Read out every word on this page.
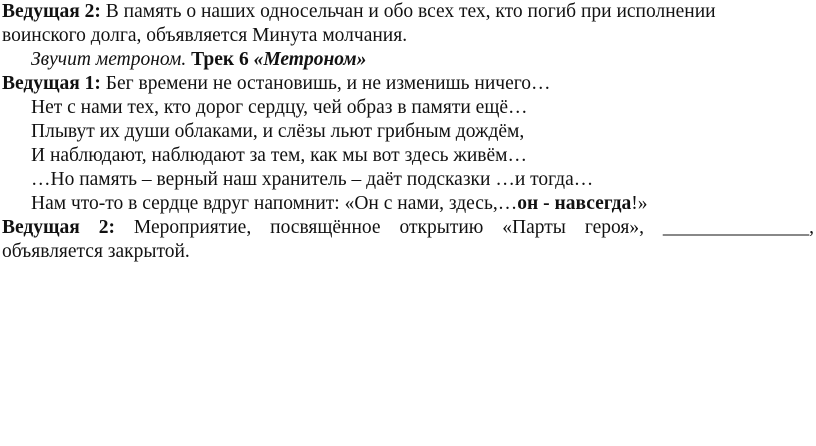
Ведущая 2: В память о наших односельчан и обо всех тех, кто погиб при исполнении
воинского долга, объявляется Минута молчания.
Звучит метроном. Трек 6 «Метроном»
Ведущая 1: Бег времени не остановишь, и не изменишь ничего…
Нет с нами тех, кто дорог сердцу, чей образ в памяти ещё…
Плывут их души облаками, и слёзы льют грибным дождём,
И наблюдают, наблюдают за тем, как мы вот здесь живём…
…Но память – верный наш хранитель – даёт подсказки …и тогда…
Нам что-то в сердце вдруг напомнит: «Он с нами, здесь,…он - навсегда!»
Ведущая 2: Мероприятие, посвящённое открытию «Парты героя», _______________,
объявляется закрытой.
